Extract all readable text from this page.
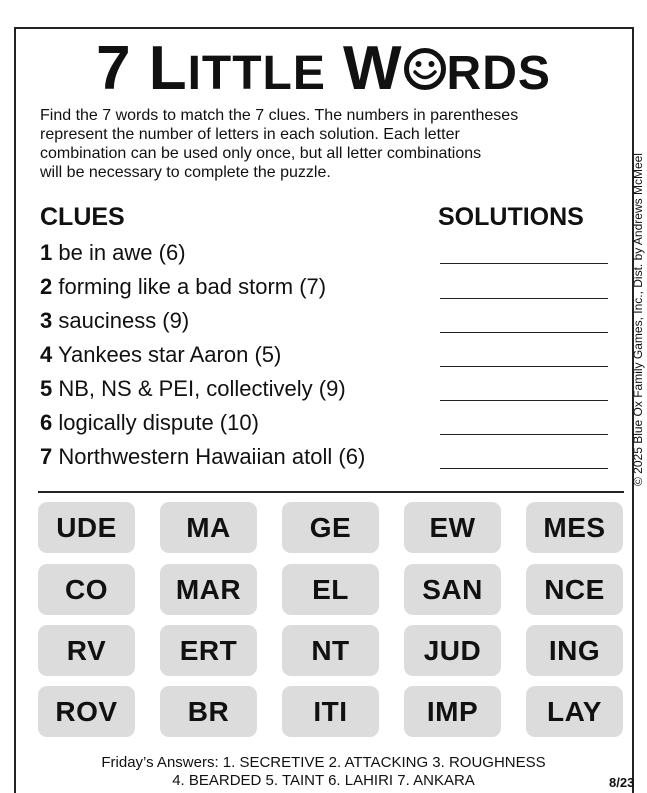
7 LITTLE W RDS
Find the 7 words to match the 7 clues. The numbers in parentheses
represent the number of letters in each solution. Each letter
combination can be used only once, but all letter combinations
will be necessary to complete the puzzle.	© 2025 Blue Ox Family Games, Inc., Dist. by Andrews McMeel
CLUES	SOLUTIONS
1 be in awe (6)
2 forming like a bad storm (7)
3 sauciness (9)
4 Yankees star Aaron (5)
5 NB, NS & PEI, collectively (9)
6 logically dispute (10)
7 Northwestern Hawaiian atoll (6)
UDE	MA	GE	EW	MES
CO	MAR	EL	SAN	NCE
RV	ERT	NT	JUD	ING
ROV	BR	ITI	IMP	LAY
Friday’s Answers: 1. SECRETIVE 2. ATTACKING 3. ROUGHNESS
4. BEARDED 5. TAINT 6. LAHIRI 7. ANKARA	8/23
